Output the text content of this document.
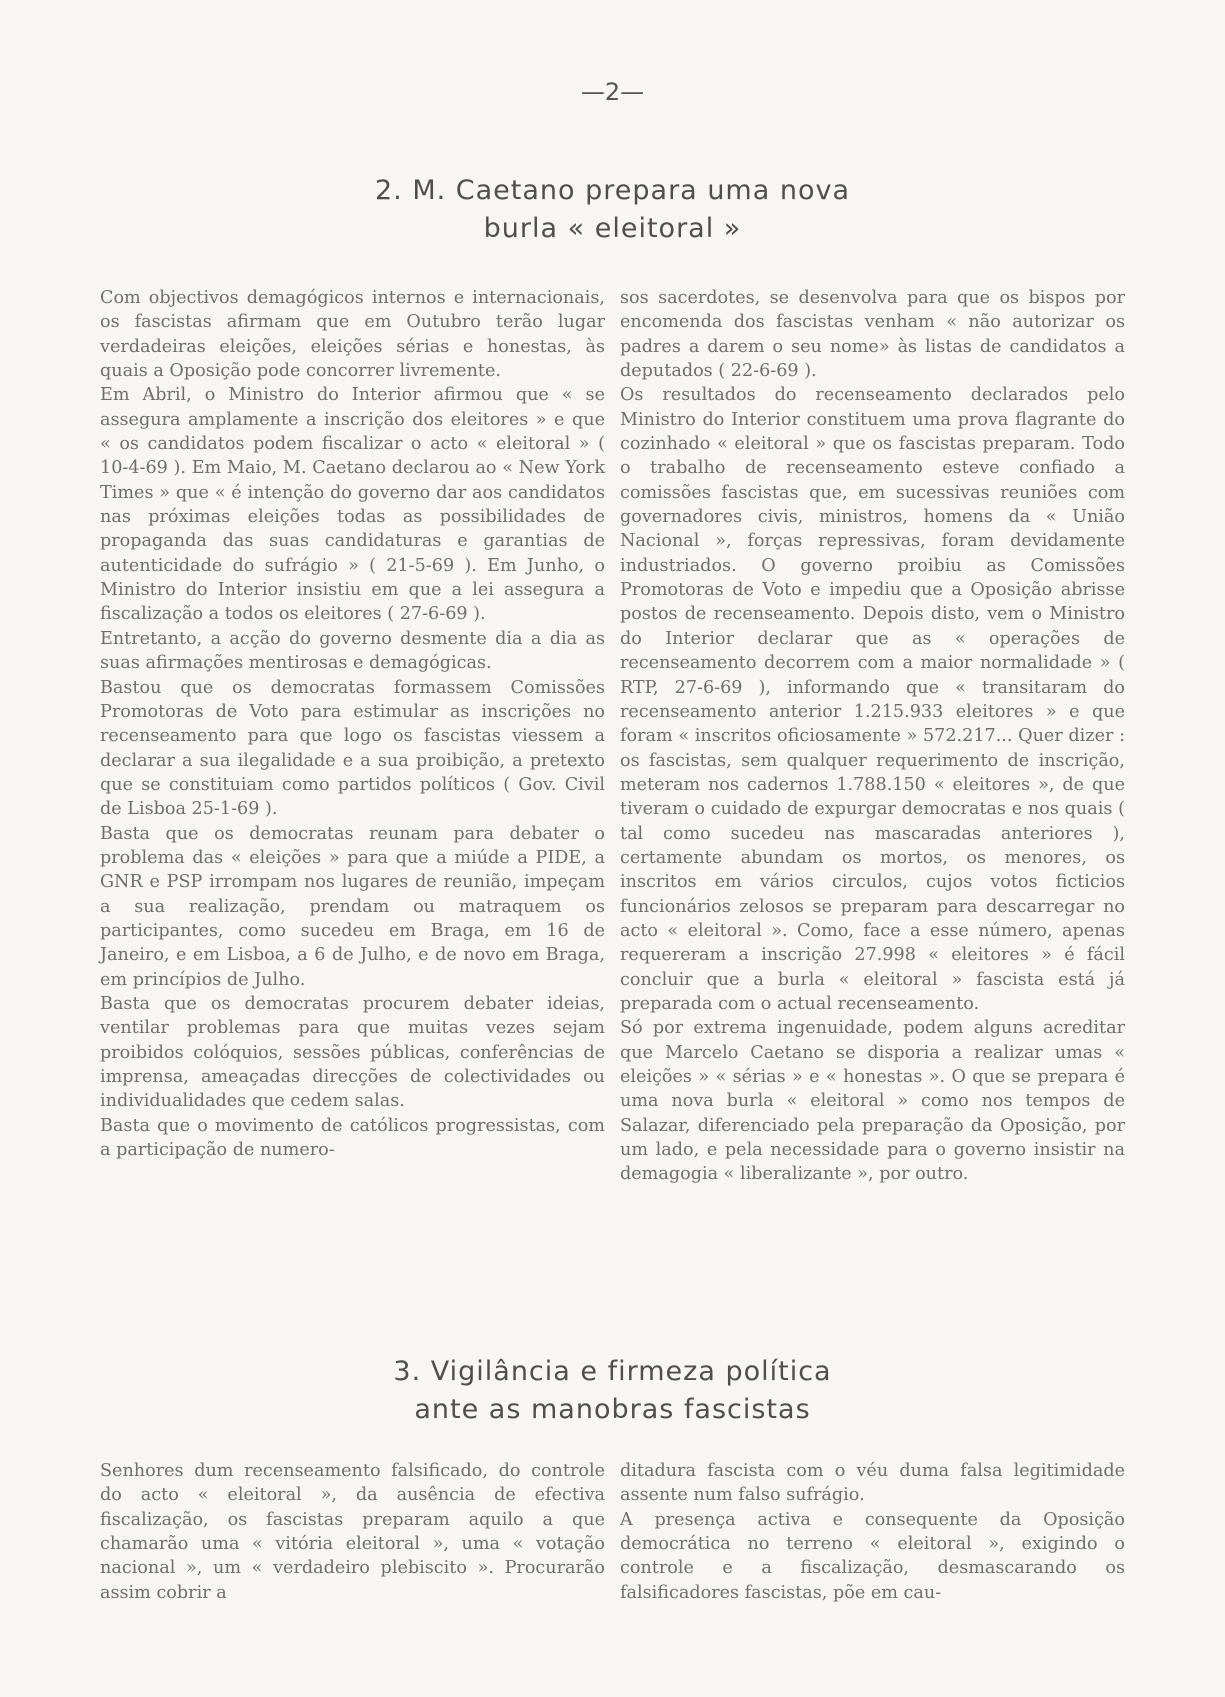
—2—
2. M. Caetano prepara uma nova
burla « eleitoral »

Com objectivos demagógicos internos e internacionais, os fascistas afirmam que em Outubro terão lugar verdadeiras eleições, eleições sérias e honestas, às quais a Oposição pode concorrer livremente.

Em Abril, o Ministro do Interior afirmou que « se assegura amplamente a inscrição dos eleitores » e que « os candidatos podem fiscalizar o acto « eleitoral » ( 10-4-69 ). Em Maio, M. Caetano declarou ao « New York Times » que « é intenção do governo dar aos candidatos nas próximas eleições todas as possibilidades de propaganda das suas candidaturas e garantias de autenticidade do sufrágio » ( 21-5-69 ). Em Junho, o Ministro do Interior insistiu em que a lei assegura a fiscalização a todos os eleitores ( 27-6-69 ).

Entretanto, a acção do governo desmente dia a dia as suas afirmações mentirosas e demagógicas.

Bastou que os democratas formassem Comissões Promotoras de Voto para estimular as inscrições no recenseamento para que logo os fascistas viessem a declarar a sua ilegalidade e a sua proibição, a pretexto que se constituiam como partidos políticos ( Gov. Civil de Lisboa 25-1-69 ).

Basta que os democratas reunam para debater o problema das « eleições » para que a miúde a PIDE, a GNR e PSP irrompam nos lugares de reunião, impeçam a sua realização, prendam ou matraquem os participantes, como sucedeu em Braga, em 16 de Janeiro, e em Lisboa, a 6 de Julho, e de novo em Braga, em princípios de Julho.

Basta que os democratas procurem debater ideias, ventilar problemas para que muitas vezes sejam proibidos colóquios, sessões públicas, conferências de imprensa, ameaçadas direcções de colectividades ou individualidades que cedem salas.

Basta que o movimento de católicos progressistas, com a participação de numero-

sos sacerdotes, se desenvolva para que os bispos por encomenda dos fascistas venham « não autorizar os padres a darem o seu nome» às listas de candidatos a deputados ( 22-6-69 ).

Os resultados do recenseamento declarados pelo Ministro do Interior constituem uma prova flagrante do cozinhado « eleitoral » que os fascistas preparam. Todo o trabalho de recenseamento esteve confiado a comissões fascistas que, em sucessivas reuniões com governadores civis, ministros, homens da « União Nacional », forças repressivas, foram devidamente industriados. O governo proibiu as Comissões Promotoras de Voto e impediu que a Oposição abrisse postos de recenseamento. Depois disto, vem o Ministro do Interior declarar que as « operações de recenseamento decorrem com a maior normalidade » ( RTP, 27-6-69 ), informando que « transitaram do recenseamento anterior 1.215.933 eleitores » e que foram « inscritos oficiosamente » 572.217... Quer dizer : os fascistas, sem qualquer requerimento de inscrição, meteram nos cadernos 1.788.150 « eleitores », de que tiveram o cuidado de expurgar democratas e nos quais ( tal como sucedeu nas mascaradas anteriores ), certamente abundam os mortos, os menores, os inscritos em vários circulos, cujos votos ficticios funcionários zelosos se preparam para descarregar no acto « eleitoral ». Como, face a esse número, apenas requereram a inscrição 27.998 « eleitores » é fácil concluir que a burla « eleitoral » fascista está já preparada com o actual recenseamento.

Só por extrema ingenuidade, podem alguns acreditar que Marcelo Caetano se disporia a realizar umas « eleições » « sérias » e « honestas ». O que se prepara é uma nova burla « eleitoral » como nos tempos de Salazar, diferenciado pela preparação da Oposição, por um lado, e pela necessidade para o governo insistir na demagogia « liberalizante », por outro.

3. Vigilância e firmeza política
ante as manobras fascistas

Senhores dum recenseamento falsificado, do controle do acto « eleitoral », da ausência de efectiva fiscalização, os fascistas preparam aquilo a que chamarão uma « vitória eleitoral », uma « votação nacional », um « verdadeiro plebiscito ». Procurarão assim cobrir a

ditadura fascista com o véu duma falsa legitimidade assente num falso sufrágio.

A presença activa e consequente da Oposição democrática no terreno « eleitoral », exigindo o controle e a fiscalização, desmascarando os falsificadores fascistas, põe em cau-
